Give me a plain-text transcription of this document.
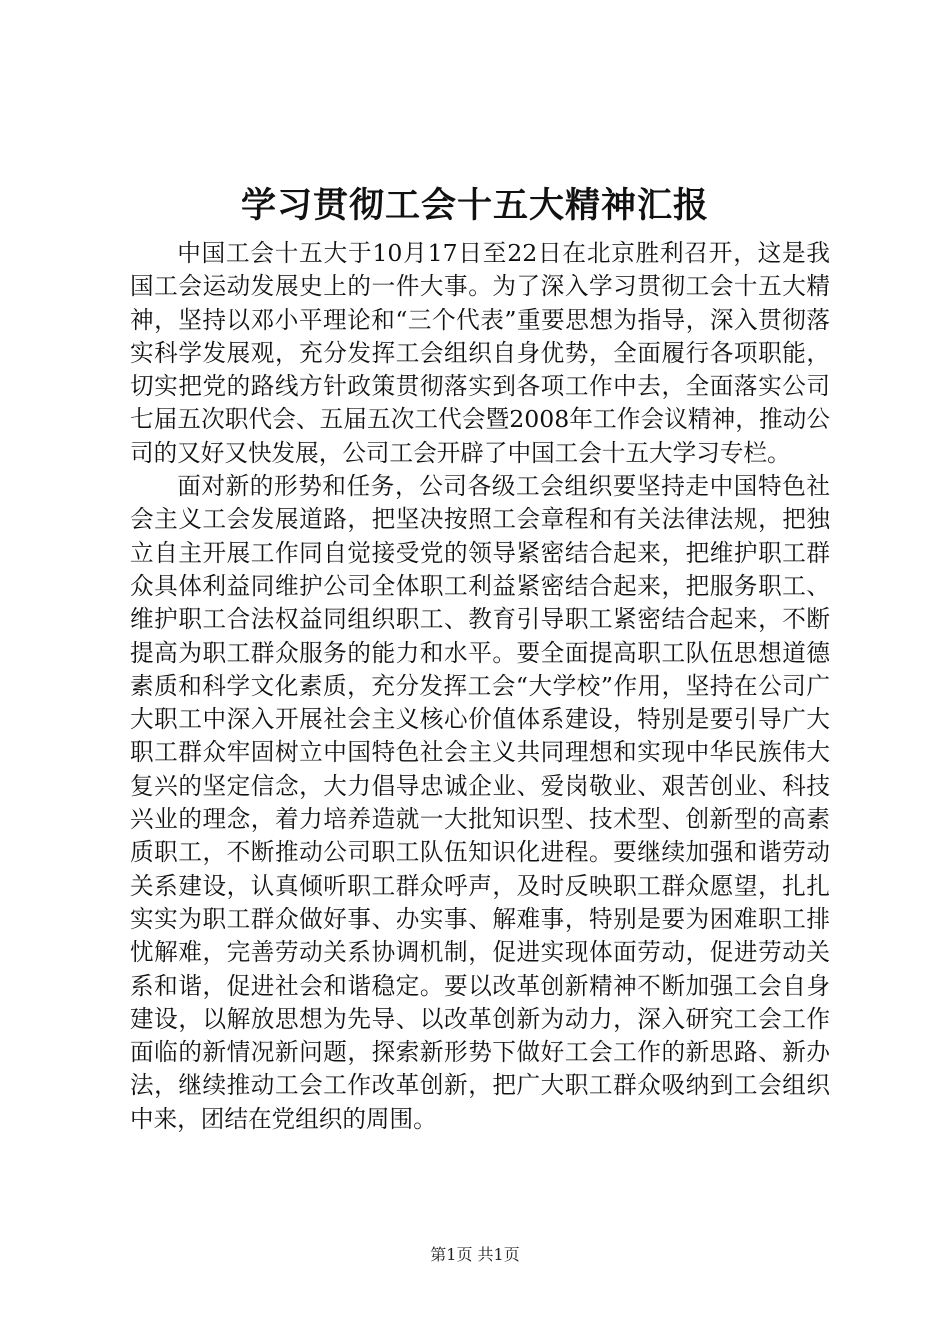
学习贯彻工会十五大精神汇报

中国工会十五大于10月17日至22日在北京胜利召开，这是我国工会运动发展史上的一件大事。为了深入学习贯彻工会十五大精神，坚持以邓小平理论和“三个代表”重要思想为指导，深入贯彻落实科学发展观，充分发挥工会组织自身优势，全面履行各项职能，切实把党的路线方针政策贯彻落实到各项工作中去，全面落实公司七届五次职代会、五届五次工代会暨2008年工作会议精神，推动公司的又好又快发展，公司工会开辟了中国工会十五大学习专栏。

面对新的形势和任务，公司各级工会组织要坚持走中国特色社会主义工会发展道路，把坚决按照工会章程和有关法律法规，把独立自主开展工作同自觉接受党的领导紧密结合起来，把维护职工群众具体利益同维护公司全体职工利益紧密结合起来，把服务职工、维护职工合法权益同组织职工、教育引导职工紧密结合起来，不断提高为职工群众服务的能力和水平。要全面提高职工队伍思想道德素质和科学文化素质，充分发挥工会“大学校”作用，坚持在公司广大职工中深入开展社会主义核心价值体系建设，特别是要引导广大职工群众牢固树立中国特色社会主义共同理想和实现中华民族伟大复兴的坚定信念，大力倡导忠诚企业、爱岗敬业、艰苦创业、科技兴业的理念，着力培养造就一大批知识型、技术型、创新型的高素质职工，不断推动公司职工队伍知识化进程。要继续加强和谐劳动关系建设，认真倾听职工群众呼声，及时反映职工群众愿望，扎扎实实为职工群众做好事、办实事、解难事，特别是要为困难职工排忧解难，完善劳动关系协调机制，促进实现体面劳动，促进劳动关系和谐，促进社会和谐稳定。要以改革创新精神不断加强工会自身建设，以解放思想为先导、以改革创新为动力，深入研究工会工作面临的新情况新问题，探索新形势下做好工会工作的新思路、新办法，继续推动工会工作改革创新，把广大职工群众吸纳到工会组织中来，团结在党组织的周围。

第1页 共1页
